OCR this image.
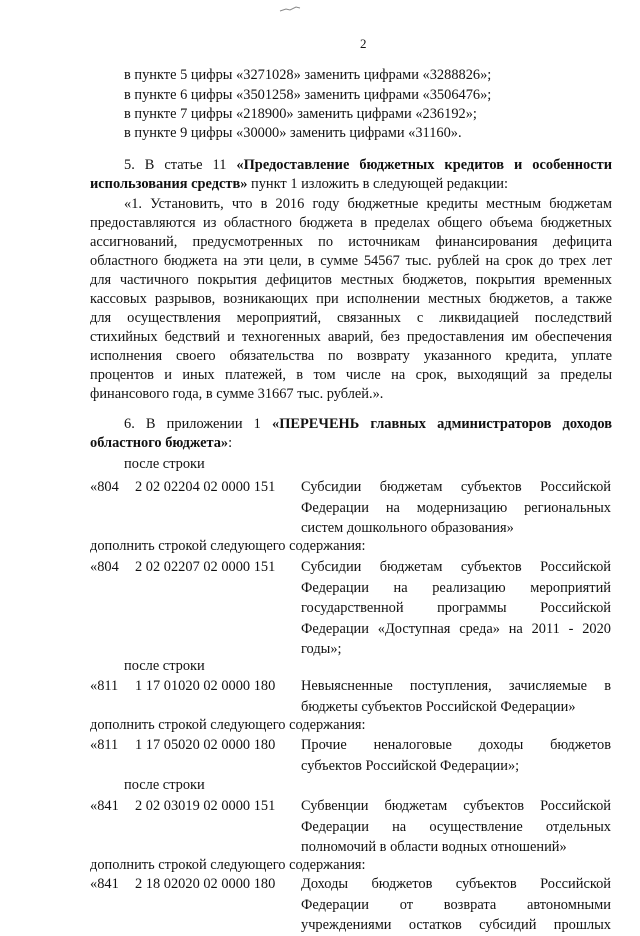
2
в пункте 5 цифры «3271028» заменить цифрами «3288826»;
в пункте 6 цифры «3501258» заменить цифрами «3506476»;
в пункте 7 цифры «218900» заменить цифрами «236192»;
в пункте 9 цифры «30000» заменить цифрами «31160».
5. В статье 11 «Предоставление бюджетных кредитов и особенности
использования средств» пункт 1 изложить в следующей редакции:
«1. Установить, что в 2016 году бюджетные кредиты местным бюджетам
предоставляются из областного бюджета в пределах общего объема бюджетных
ассигнований, предусмотренных по источникам финансирования дефицита
областного бюджета на эти цели, в сумме 54567 тыс. рублей на срок до трех лет
для частичного покрытия дефицитов местных бюджетов, покрытия временных
кассовых разрывов, возникающих при исполнении местных бюджетов, а также
для осуществления мероприятий, связанных с ликвидацией последствий
стихийных бедствий и техногенных аварий, без предоставления им обеспечения
исполнения своего обязательства по возврату указанного кредита, уплате
процентов и иных платежей, в том числе на срок, выходящий за пределы
финансового года, в сумме 31667 тыс. рублей.».
6. В приложении 1 «ПЕРЕЧЕНЬ главных администраторов доходов
областного бюджета»:
после строки
«804 2 02 02204 02 0000 151 Субсидии бюджетам субъектов Российской
Федерации на модернизацию региональных
систем дошкольного образования»
дополнить строкой следующего содержания:
«804 2 02 02207 02 0000 151 Субсидии бюджетам субъектов Российской
Федерации на реализацию мероприятий
государственной программы Российской
Федерации «Доступная среда» на 2011 - 2020
годы»;
после строки
«811 1 17 01020 02 0000 180 Невыясненные поступления, зачисляемые в
бюджеты субъектов Российской Федерации»
дополнить строкой следующего содержания:
«811 1 17 05020 02 0000 180 Прочие неналоговые доходы бюджетов
субъектов Российской Федерации»;
после строки
«841 2 02 03019 02 0000 151 Субвенции бюджетам субъектов Российской
Федерации на осуществление отдельных
полномочий в области водных отношений»
дополнить строкой следующего содержания:
«841 2 18 02020 02 0000 180 Доходы бюджетов субъектов Российской
Федерации от возврата автономными
учреждениями остатков субсидий прошлых
